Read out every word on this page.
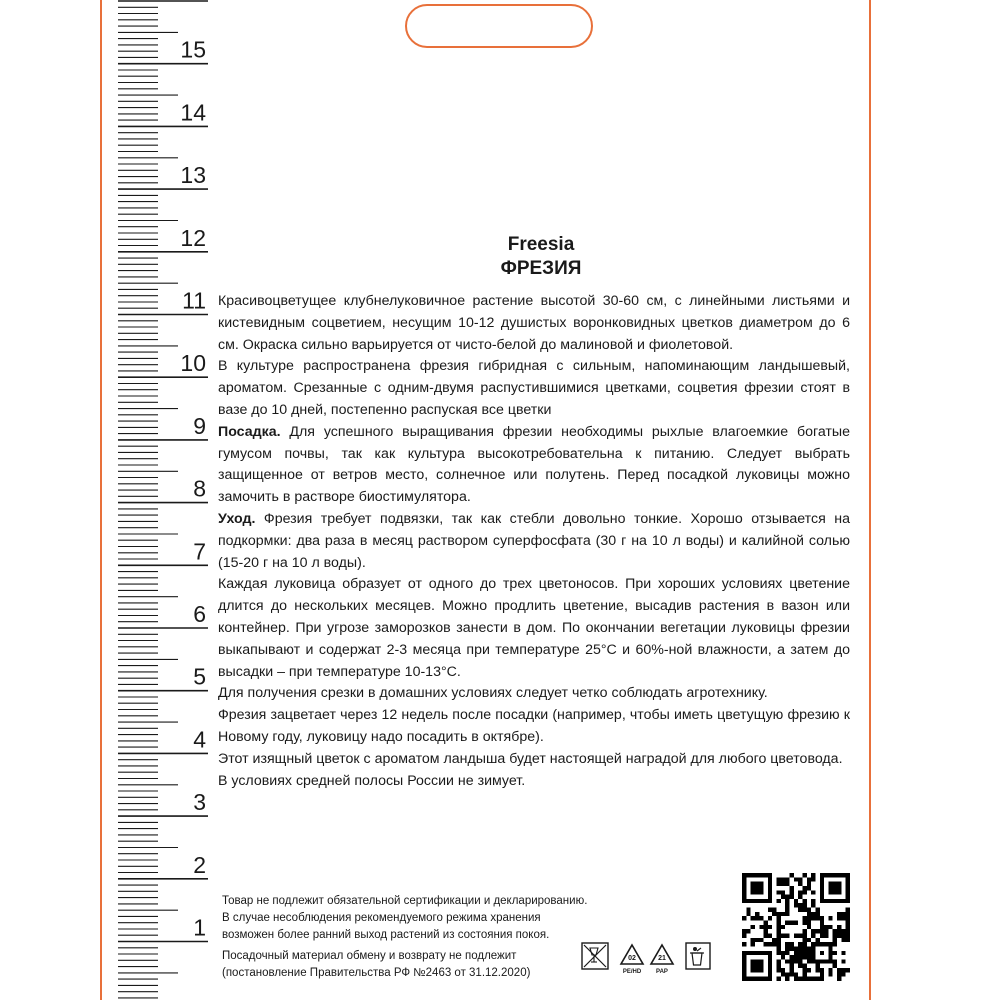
15
14
13
12
11
10
9
8
7
6
5
4
3
2
1
Freesia
ФРЕЗИЯ

Красивоцветущее клубнелуковичное растение высотой 30-60 см, с линейными листьями и кистевидным соцветием, несущим 10-12 душистых воронковидных цветков диаметром до 6 см. Окраска сильно варьируется от чисто-белой до малиновой и фиолетовой.

В культуре распространена фрезия гибридная с сильным, напоминающим ландышевый, ароматом. Срезанные с одним-двумя распустившимися цветками, соцветия фрезии стоят в вазе до 10 дней, постепенно распуская все цветки

Посадка. Для успешного выращивания фрезии необходимы рыхлые влагоемкие богатые гумусом почвы, так как культура высокотребовательна к питанию. Следует выбрать защищенное от ветров место, солнечное или полутень. Перед посадкой луковицы можно замочить в растворе биостимулятора.

Уход. Фрезия требует подвязки, так как стебли довольно тонкие. Хорошо отзывается на подкормки: два раза в месяц раствором суперфосфата (30 г на 10 л воды) и калийной солью (15-20 г на 10 л воды).

Каждая луковица образует от одного до трех цветоносов. При хороших условиях цветение длится до нескольких месяцев. Можно продлить цветение, высадив растения в вазон или контейнер. При угрозе заморозков занести в дом. По окончании вегетации луковицы фрезии выкапывают и содержат 2-3 месяца при температуре 25°С и 60%-ной влажности, а затем до высадки – при температуре 10-13°С.

Для получения срезки в домашних условиях следует четко соблюдать агротехнику.

Фрезия зацветает через 12 недель после посадки (например, чтобы иметь цветущую фрезию к Новому году, луковицу надо посадить в октябре).

Этот изящный цветок с ароматом ландыша будет настоящей наградой для любого цветовода.

В условиях средней полосы России не зимует.

Товар не подлежит обязательной сертификации и декларированию.
В случае несоблюдения рекомендуемого режима хранения
возможен более ранний выход растений из состояния покоя.
Посадочный материал обмену и возврату не подлежит
(постановление Правительства РФ №2463 от 31.12.2020)
02
PE/HD
21
PAP
